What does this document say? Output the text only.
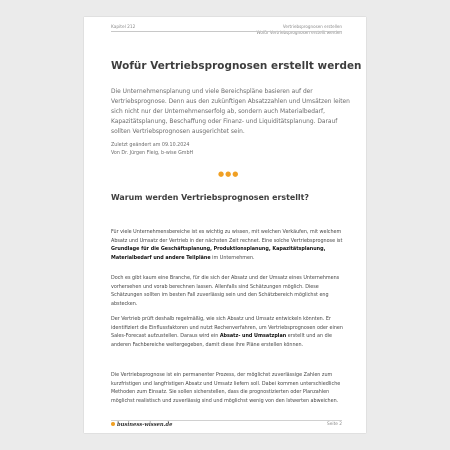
Kapitel 212	Vertriebsprognosen erstellen
Wofür Vertriebsprognosen erstellt werden
Wofür Vertriebsprognosen erstellt werden
Die Unternehmensplanung und viele Bereichspläne basieren auf der Vertriebsprognose. Denn aus den zukünftigen Absatzzahlen und Umsätzen leiten sich nicht nur der Unternehmenserfolg ab, sondern auch Materialbedarf, Kapazitätsplanung, Beschaffung oder Finanz- und Liquiditätsplanung. Darauf sollten Vertriebsprognosen ausgerichtet sein.
Zuletzt geändert am 09.10.2024
Von Dr. Jürgen Fleig, b-wise GmbH
●●●
Warum werden Vertriebsprognosen erstellt?
Für viele Unternehmensbereiche ist es wichtig zu wissen, mit welchen Verkäufen, mit welchem Absatz und Umsatz der Vertrieb in der nächsten Zeit rechnet. Eine solche Vertriebsprognose ist Grundlage für die Geschäftsplanung, Produktionsplanung, Kapazitätsplanung, Materialbedarf und andere Teilpläne im Unternehmen.
Doch es gibt kaum eine Branche, für die sich der Absatz und der Umsatz eines Unternehmens vorhersehen und vorab berechnen lassen. Allenfalls sind Schätzungen möglich. Diese Schätzungen sollten im besten Fall zuverlässig sein und den Schätzbereich möglichst eng abstecken.
Der Vertrieb prüft deshalb regelmäßig, wie sich Absatz und Umsatz entwickeln könnten. Er identifiziert die Einflussfaktoren und nutzt Rechenverfahren, um Vertriebsprognosen oder einen Sales-Forecast aufzustellen. Daraus wird ein Absatz- und Umsatzplan erstellt und an die anderen Fachbereiche weitergegeben, damit diese ihre Pläne erstellen können.
Die Vertriebsprognose ist ein permanenter Prozess, der möglichst zuverlässige Zahlen zum kurzfristigen und langfristigen Absatz und Umsatz liefern soll. Dabei kommen unterschiedliche Methoden zum Einsatz. Sie sollen sicherstellen, dass die prognostizierten oder Planzahlen möglichst realistisch und zuverlässig sind und möglichst wenig von den Istwerten abweichen.
business-wissen.de	Seite 2
